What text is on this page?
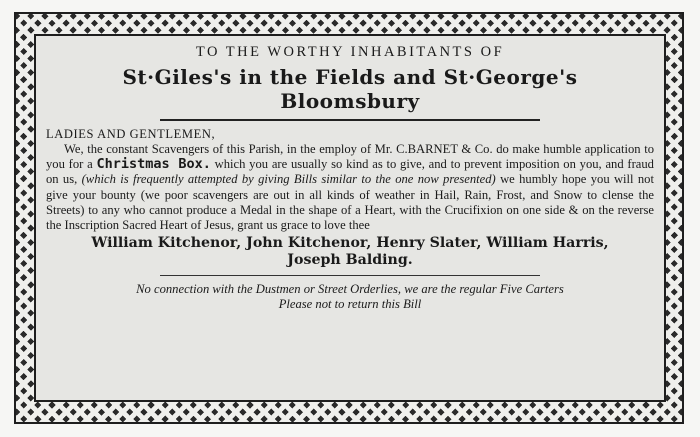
TO THE WORTHY INHABITANTS OF
St·Giles's in the Fields and St·George's
Bloomsbury
LADIES AND GENTLEMEN,
We, the constant Scavengers of this Parish, in the employ of Mr. C.BARNET & Co. do make humble application to you for a Christmas Box. which you are usually so kind as to give, and to prevent imposition on you, and fraud on us, (which is frequently attempted by giving Bills similar to the one now presented) we humbly hope you will not give your bounty (we poor scavengers are out in all kinds of weather in Hail, Rain, Frost, and Snow to clense the Streets) to any who cannot produce a Medal in the shape of a Heart, with the Crucifixion on one side & on the reverse the Inscription Sacred Heart of Jesus, grant us grace to love thee
William Kitchenor, John Kitchenor, Henry Slater, William Harris,
Joseph Balding.
No connection with the Dustmen or Street Orderlies, we are the regular Five Carters
Please not to return this Bill
